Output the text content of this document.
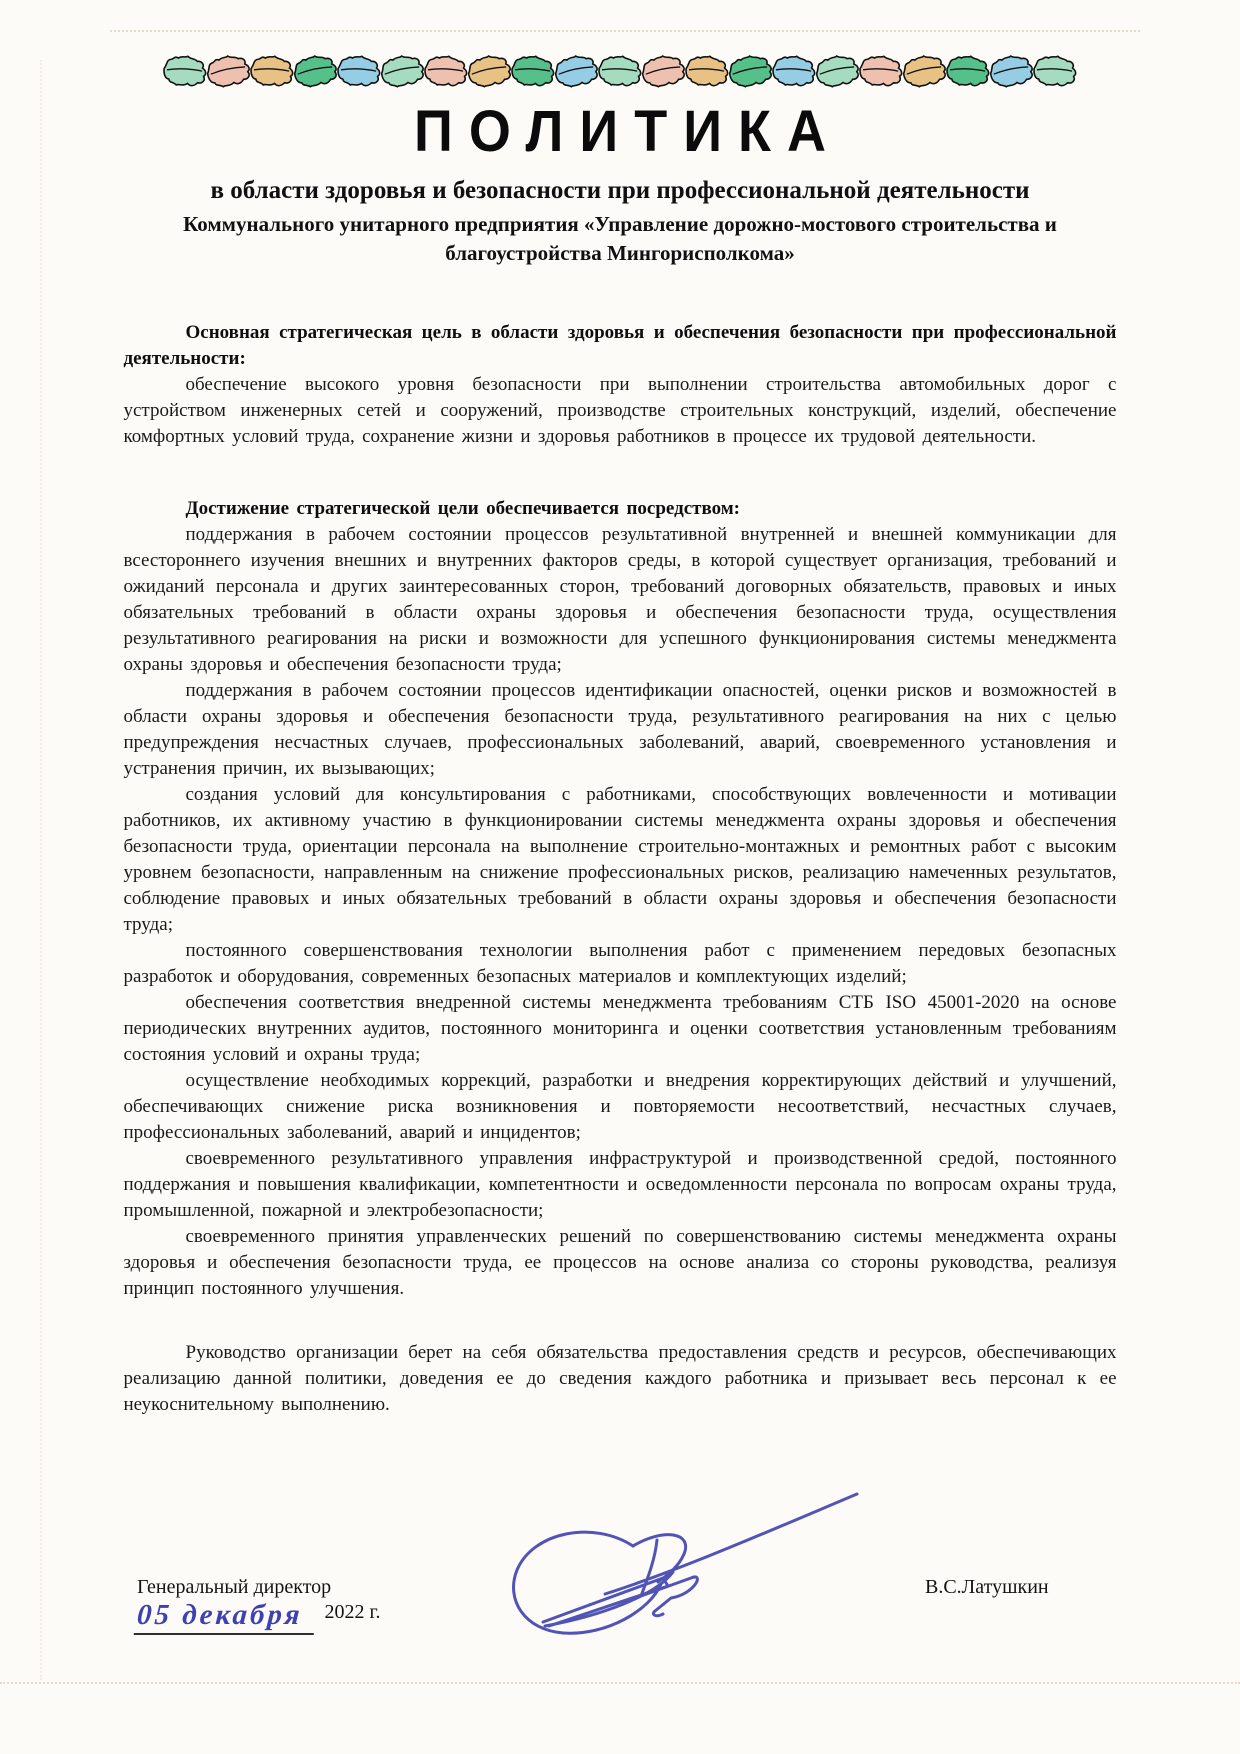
ПОЛИТИКА
в области здоровья и безопасности при профессиональной деятельности
Коммунального унитарного предприятия «Управление дорожно-мостового строительства и благоустройства Мингорисполкома»

Основная стратегическая цель в области здоровья и обеспечения безопасности при профессиональной деятельности:

обеспечение высокого уровня безопасности при выполнении строительства автомобильных дорог с устройством инженерных сетей и сооружений, производстве строительных конструкций, изделий, обеспечение комфортных условий труда, сохранение жизни и здоровья работников в процессе их трудовой деятельности.

Достижение стратегической цели обеспечивается посредством:

поддержания в рабочем состоянии процессов результативной внутренней и внешней коммуникации для всестороннего изучения внешних и внутренних факторов среды, в которой существует организация, требований и ожиданий персонала и других заинтересованных сторон, требований договорных обязательств, правовых и иных обязательных требований в области охраны здоровья и обеспечения безопасности труда, осуществления результативного реагирования на риски и возможности для успешного функционирования системы менеджмента охраны здоровья и обеспечения безопасности труда;

поддержания в рабочем состоянии процессов идентификации опасностей, оценки рисков и возможностей в области охраны здоровья и обеспечения безопасности труда, результативного реагирования на них с целью предупреждения несчастных случаев, профессиональных заболеваний, аварий, своевременного установления и устранения причин, их вызывающих;

создания условий для консультирования с работниками, способствующих вовлеченности и мотивации работников, их активному участию в функционировании системы менеджмента охраны здоровья и обеспечения безопасности труда, ориентации персонала на выполнение строительно-монтажных и ремонтных работ с высоким уровнем безопасности, направленным на снижение профессиональных рисков, реализацию намеченных результатов, соблюдение правовых и иных обязательных требований в области охраны здоровья и обеспечения безопасности труда;

постоянного совершенствования технологии выполнения работ с применением передовых безопасных разработок и оборудования, современных безопасных материалов и комплектующих изделий;

обеспечения соответствия внедренной системы менеджмента требованиям СТБ ISO 45001-2020 на основе периодических внутренних аудитов, постоянного мониторинга и оценки соответствия установленным требованиям состояния условий и охраны труда;

осуществление необходимых коррекций, разработки и внедрения корректирующих действий и улучшений, обеспечивающих снижение риска возникновения и повторяемости несоответствий, несчастных случаев, профессиональных заболеваний, аварий и инцидентов;

своевременного результативного управления инфраструктурой и производственной средой, постоянного поддержания и повышения квалификации, компетентности и осведомленности персонала по вопросам охраны труда, промышленной, пожарной и электробезопасности;

своевременного принятия управленческих решений по совершенствованию системы менеджмента охраны здоровья и обеспечения безопасности труда, ее процессов на основе анализа со стороны руководства, реализуя принцип постоянного улучшения.

Руководство организации берет на себя обязательства предоставления средств и ресурсов, обеспечивающих реализацию данной политики, доведения ее до сведения каждого работника и призывает весь персонал к ее неукоснительному выполнению.

Генеральный директор
05 декабря 2022 г.
В.С.Латушкин
